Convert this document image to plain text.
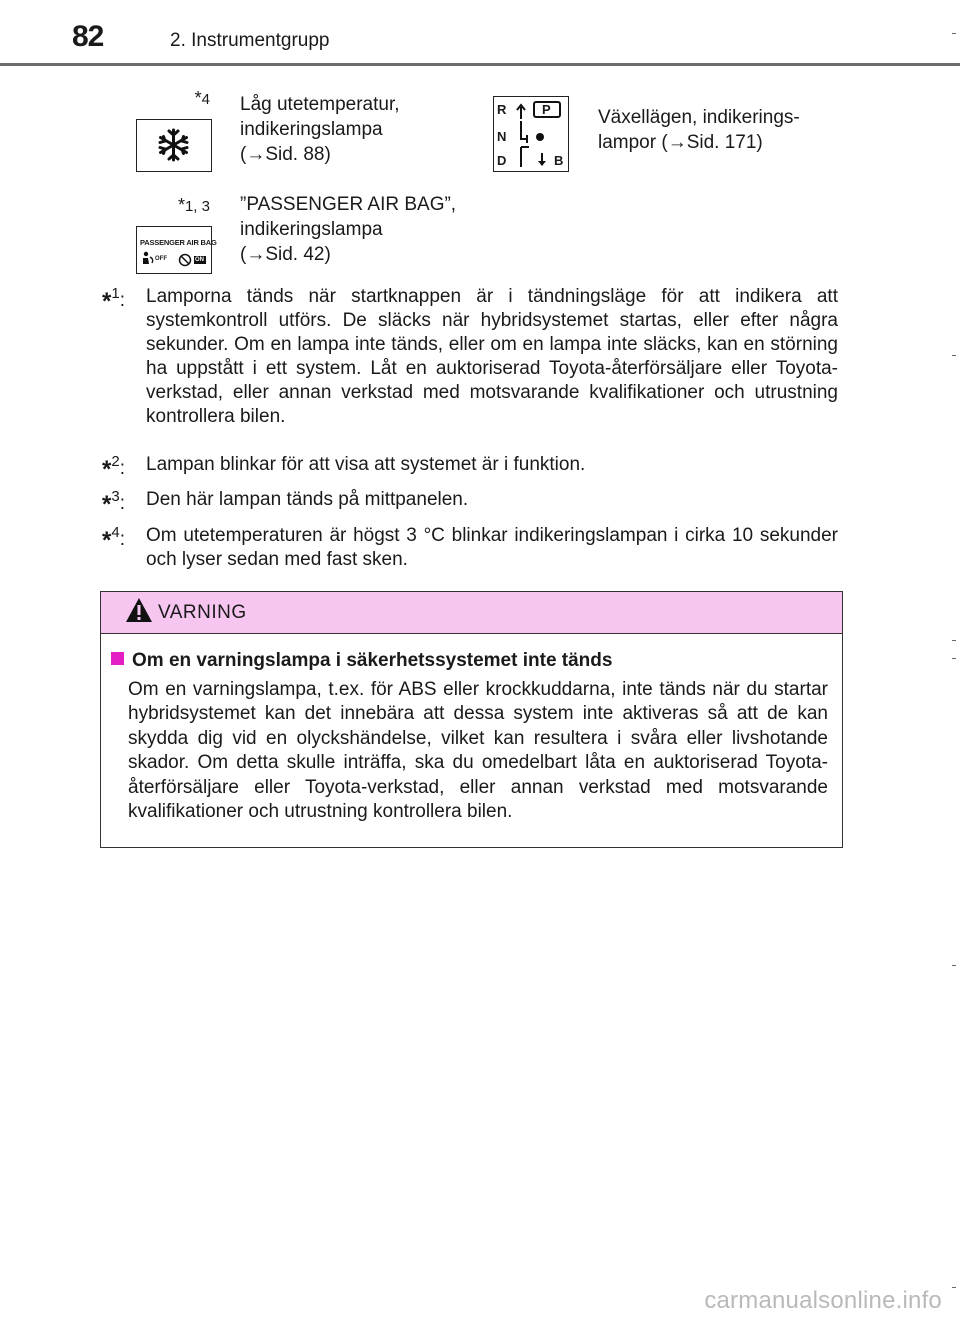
82	2. Instrumentgrupp
*4 Låg utetemperatur,
indikeringslampa
(→Sid. 88)
R
N
D	B
P Växellägen, indikerings-
lampor (→Sid. 171)
*1, 3
PASSENGER AIR BAG
OFF	ON
”PASSENGER AIR BAG”,
indikeringslampa
(→Sid. 42)
*$^1$: Lamporna tänds när startknappen är i tändningsläge för att indikera att systemkontroll utförs. De släcks när hybridsystemet startas, eller efter några sekunder. Om en lampa inte tänds, eller om en lampa inte släcks, kan en störning ha uppstått i ett system. Låt en auktoriserad Toyota-återförsäljare eller Toyota-verkstad, eller annan verkstad med motsvarande kvalifikationer och utrustning kontrollera bilen.
*$^2$: Lampan blinkar för att visa att systemet är i funktion.
*$^3$: Den här lampan tänds på mittpanelen.
*$^4$: Om utetemperaturen är högst 3 °C blinkar indikeringslampan i cirka 10 sekunder och lyser sedan med fast sken.
VARNING
Om en varningslampa i säkerhetssystemet inte tänds
Om en varningslampa, t.ex. för ABS eller krockkuddarna, inte tänds när du startar hybridsystemet kan det innebära att dessa system inte aktiveras så att de kan skydda dig vid en olyckshändelse, vilket kan resultera i svåra eller livshotande skador. Om detta skulle inträffa, ska du omedelbart låta en auktoriserad Toyota-återförsäljare eller Toyota-verkstad, eller annan verkstad med motsvarande kvalifikationer och utrustning kontrollera bilen.
carmanualsonline.info
